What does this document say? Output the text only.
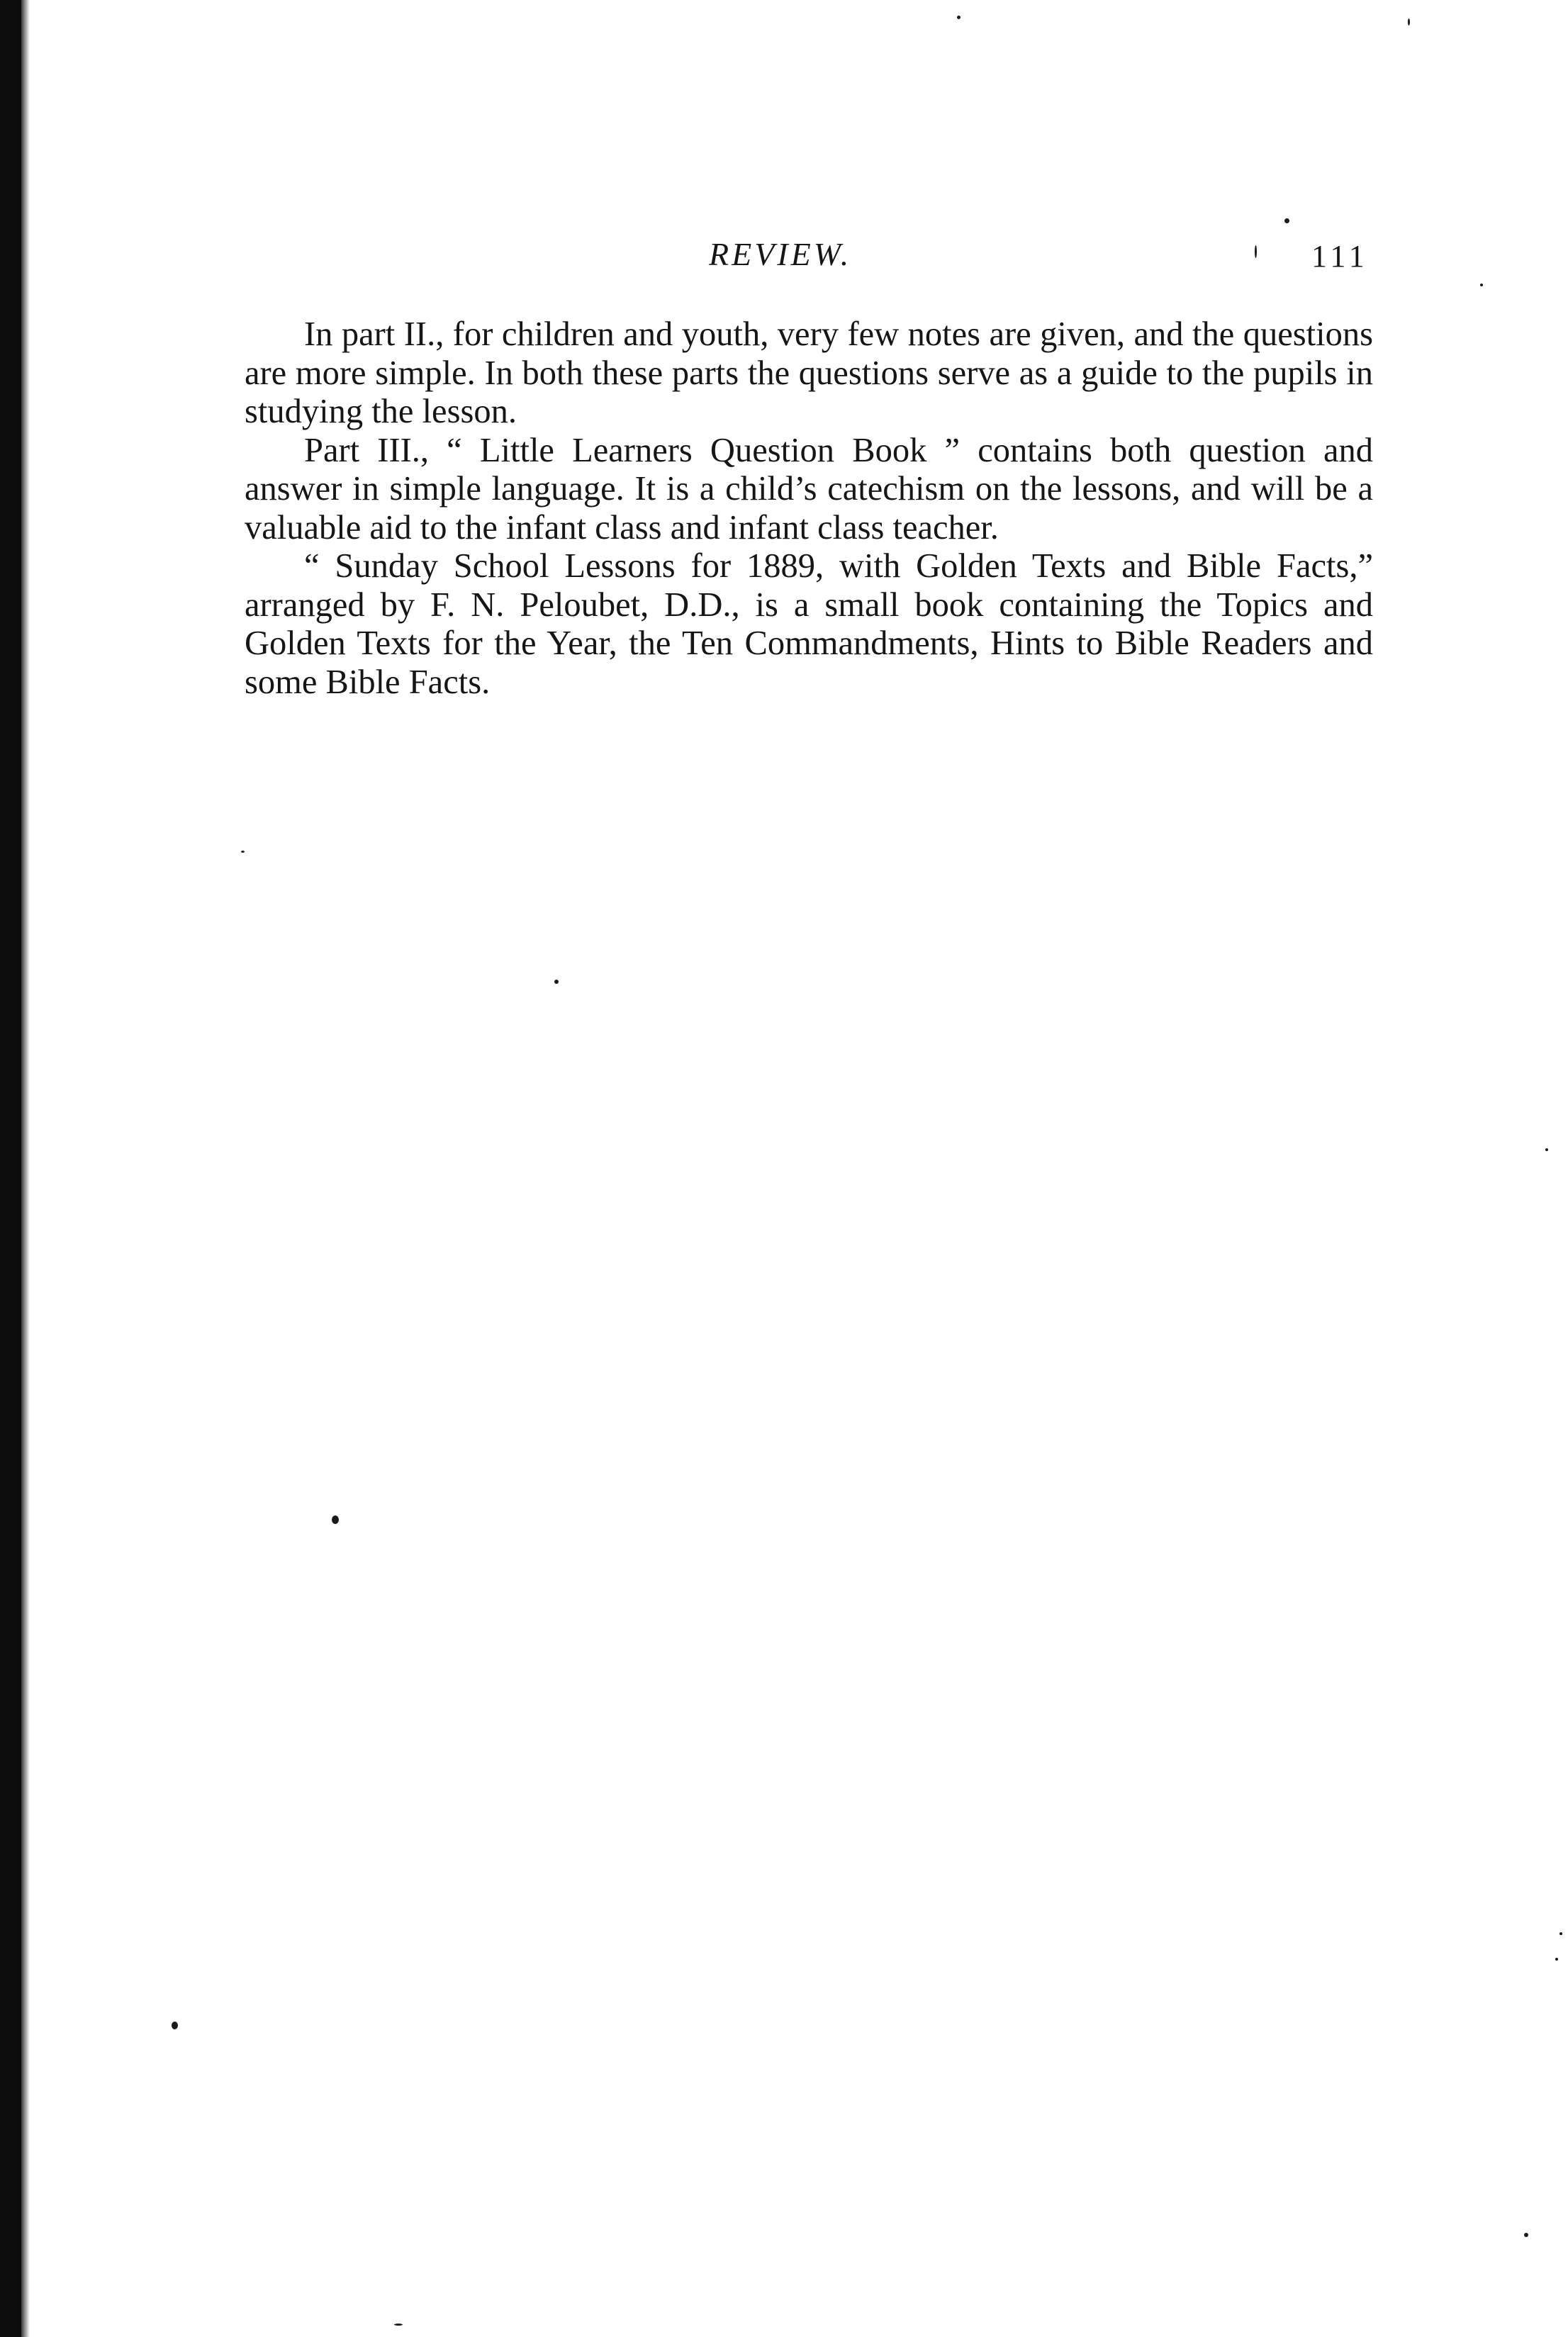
REVIEW.	111

In part II., for children and youth, very few notes are given, and the questions are more simple. In both these parts the questions serve as a guide to the pupils in studying the lesson.

Part III., “ Little Learners Question Book ” contains both question and answer in simple language. It is a child’s catechism on the lessons, and will be a valuable aid to the infant class and infant class teacher.

“ Sunday School Lessons for 1889, with Golden Texts and Bible Facts,” arranged by F. N. Peloubet, D.D., is a small book containing the Topics and Golden Texts for the Year, the Ten Commandments, Hints to Bible Readers and some Bible Facts.
